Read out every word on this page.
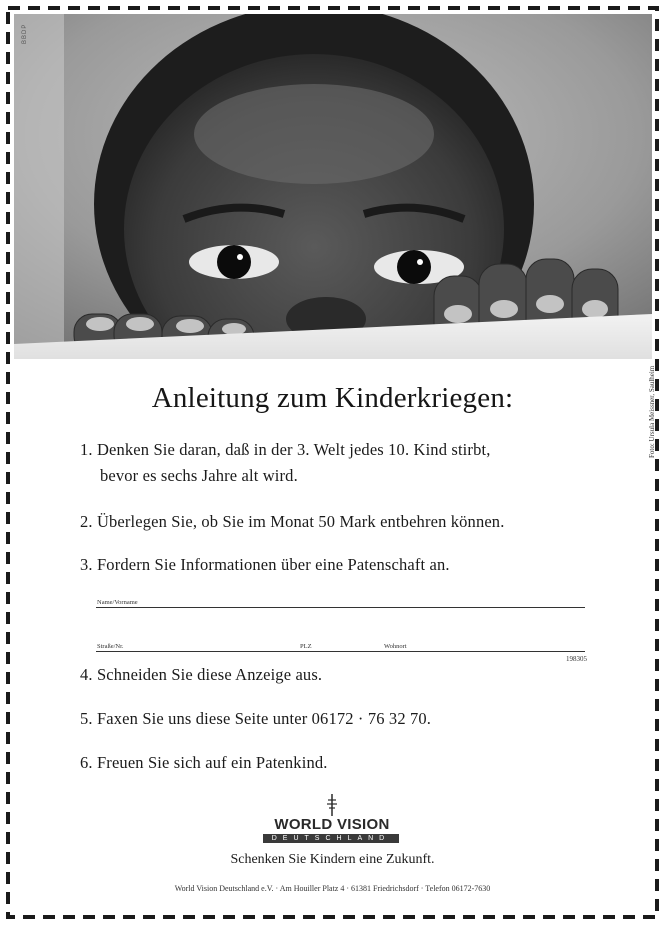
BBDP
Foto: Ursula Meissner, Saulheim
Anleitung zum Kinderkriegen:
1. Denken Sie daran, daß in der 3. Welt jedes 10. Kind stirbt,
bevor es sechs Jahre alt wird.
2. Überlegen Sie, ob Sie im Monat 50 Mark entbehren können.
3. Fordern Sie Informationen über eine Patenschaft an.
Name/Vorname
Straße/Nr.	PLZ	Wohnort
198305
4. Schneiden Sie diese Anzeige aus.
5. Faxen Sie uns diese Seite unter 06172 · 76 32 70.
6. Freuen Sie sich auf ein Patenkind.
WORLD VISION
DEUTSCHLAND
Schenken Sie Kindern eine Zukunft.
World Vision Deutschland e.V. · Am Houiller Platz 4 · 61381 Friedrichsdorf · Telefon 06172-7630
